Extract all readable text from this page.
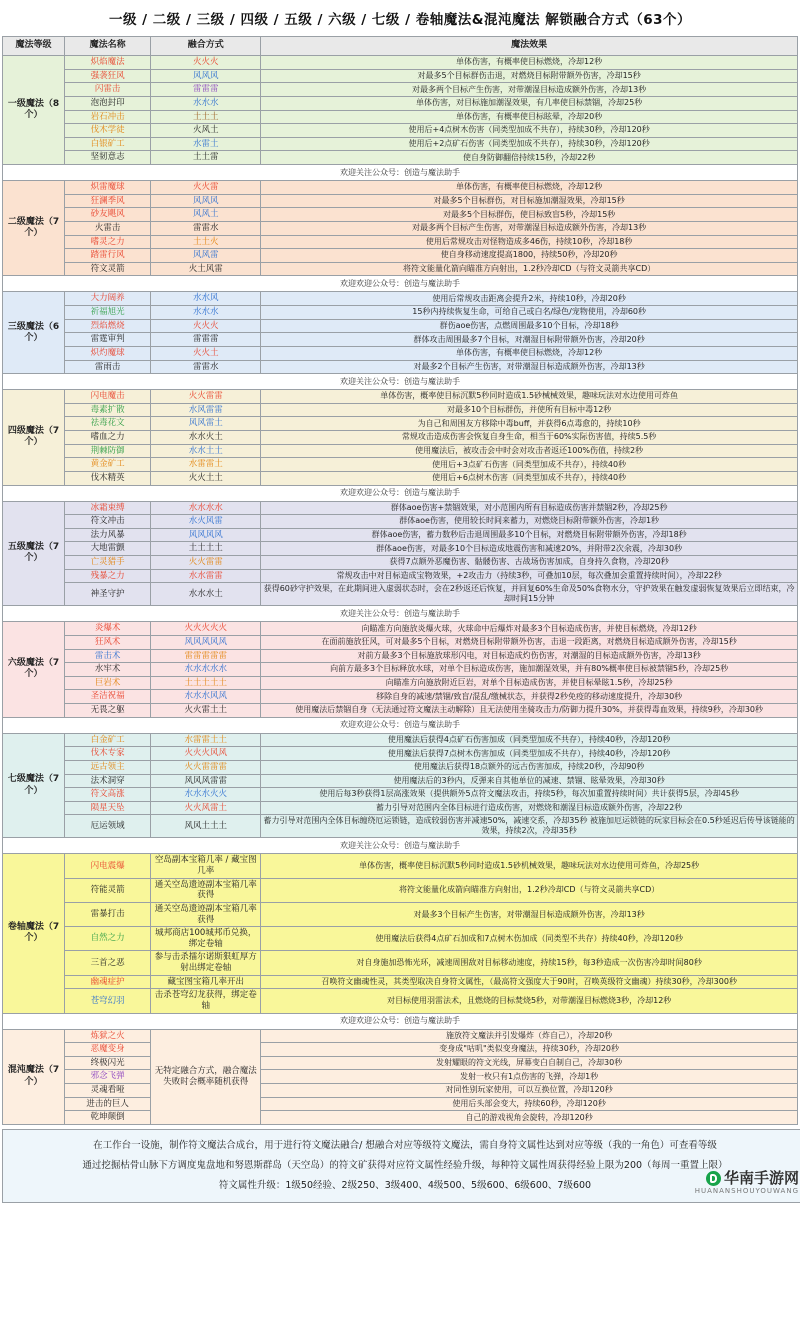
一级 / 二级 / 三级 / 四级 / 五级 / 六级 / 七级 / 卷轴魔法&混沌魔法 解锁融合方式（63个）
魔法等级	魔法名称	融合方式	魔法效果
一级魔法（8个）	炽焰魔法	火火火	单体伤害，有概率使目标燃烧，冷却12秒
	强袭狂风	风风风	对最多5个目标群伤击退，对燃烧目标附带额外伤害，冷却15秒
	闪雷击	雷雷雷	对最多两个目标产生伤害，对带潮湿目标造成额外伤害，冷却13秒
	泡泡封印	水水水	单体伤害，对目标施加潮湿效果，有几率使目标禁锢，冷却25秒
	岩石冲击	土土土	单体伤害，有概率使目标眩晕，冷却20秒
	伐木学徒	火风土	使用后+4点树木伤害（同类型加成不共存），持续30秒，冷却120秒
	白银矿工	水雷土	使用后+2点矿石伤害（同类型加成不共存），持续30秒，冷却120秒
	坚韧意志	土土雷	使自身防御翻倍持续15秒，冷却22秒
欢迎关注公众号：创造与魔法助手			
二级魔法（7个）	炽雷魔球	火火雷	单体伤害，有概率使目标燃烧，冷却12秒
	狂澜季风	风风风	对最多5个目标群伤，对目标施加潮湿效果，冷却15秒
	砂友飓风	风风土	对最多5个目标群伤，使目标致盲5秒，冷却15秒
	火雷击	雷雷水	对最多两个目标产生伤害，对带潮湿目标造成额外伤害，冷却13秒
	嗜灵之力	土土火	使用后常规攻击对怪物造成多46伤，持续10秒，冷却18秒
	踏雷行风	风风雷	使自身移动速度提高1800，持续50秒，冷却20秒
	符文灵箭	火土风雷	将符文能量化箭向瞄准方向射出，1.2秒冷却CD（与符文灵箭共享CD）
欢迎欢迎公众号：创造与魔法助手			
三级魔法（6个）	大力阔养	水水风	使用后常规攻击距离会提升2米，持续10秒，冷却20秒
	祈福旭光	水水水	15秒内持续恢复生命，可给自己或白名/绿色/宠物使用，冷却60秒
	烈焰燃烧	火火火	群伤aoe伤害，点燃周围最多10个目标，冷却18秒
	雷霆审判	雷雷雷	群体攻击周围最多7个目标，对潮湿目标附带额外伤害，冷却20秒
	炽灼魔球	火火土	单体伤害，有概率使目标燃烧，冷却12秒
	雷雨击	雷雷水	对最多2个目标产生伤害，对带潮湿目标造成额外伤害，冷却13秒
欢迎关注公众号：创造与魔法助手			
四级魔法（7个）	闪电魔击	火火雷雷	单体伤害，概率使目标沉默5秒同时造成1.5砂械械效果，趣味玩法对水边使用可炸鱼
	毒素扩散	水风雷雷	对最多10个目标群伤，并使所有目标中毒12秒
	祛毒花文	风风雷土	为自己和周围友方移除中毒buff，并获得6点毒愈的，持续10秒
	嗜血之力	水水火土	常规攻击造成伤害会恢复自身生命，相当于60%实际伤害值，持续5.5秒
	荆棘防御	水水土土	使用魔法后，被攻击会中时会对攻击者返还100%伤值，持续2秒
	黄金矿工	水雷雷土	使用后+3点矿石伤害（同类型加成不共存），持续40秒
	伐木精英	火火土土	使用后+6点树木伤害（同类型加成不共存），持续40秒
欢迎欢迎公众号：创造与魔法助手			
五级魔法（7个）	冰霜束缚	水水水水	群体aoe伤害+禁锢效果，对小范围内所有目标造成伤害并禁锢2秒，冷却25秒
	符文冲击	水火风雷	群体aoe伤害，使用较长时间来蓄力，对燃烧目标附带额外伤害，冷却1秒
	法力风暴	风风风风	群体aoe伤害，蓄力数秒后击退周围最多10个目标，对燃烧目标附带额外伤害，冷却18秒
	大地雷颤	土土土土	群体aoe伤害，对最多10个目标造成地震伤害和减速20%，并附带2次余震，冷却30秒
	亡灵猎手	火火雷雷	获得7点额外恶魔伤害、骷髅伤害、古战场伤害加成，自身持久食物，冷却20秒
	残暴之力	水水雷雷	常规攻击中对目标造成宝物效果，+2攻击力（持续3秒，可叠加10层，每次叠加会重置持续时间），冷却22秒
	神圣守护	水水水土	获得60砂守护效果，在此期间进入虚弱状态时，会在2秒返还后恢复，并回复60%生命及50%食物水分，守护效果在触发虚弱恢复效果后立即结束，冷却时间15分钟
欢迎关注公众号：创造与魔法助手			
六级魔法（7个）	炎爆术	火火火火火	向瞄准方向施放炎爆火球，火球命中后爆炸对最多3个目标造成伤害，并使目标燃烧，冷却12秒
	狂风术	风风风风风	在面前施放狂风，可对最多5个目标，对燃烧目标附带额外伤害，击退一段距离，对燃烧目标造成额外伤害，冷却15秒
	雷击术	雷雷雷雷雷	对前方最多3个目标施放球形闪电，对目标造成灼伤伤害，对潮湿的目标造成额外伤害，冷却13秒
	水牢术	水水水水水	向前方最多3个目标释放水球，对单个目标造成伤害，施加潮湿效果，并有80%概率使目标被禁锢5秒，冷却25秒
	巨岩术	土土土土土	向瞄准方向施放附近巨岩，对单个目标造成伤害，并使目标晕眩1.5秒，冷却25秒
	圣洁祝福	水水水风风	移除自身的减速/禁锢/致盲/混乱/缴械状态，并获得2秒免疫的移动速度提升，冷却30秒
	无畏之躯	火火雷土土	使用魔法后禁锢自身（无法通过符文魔法主动解除）且无法使用坐骑攻击力/防御力提升30%，并获得毒血效果，持续9秒，冷却30秒
欢迎欢迎公众号：创造与魔法助手			
七级魔法（7个）	白金矿工	水雷雷土土	使用魔法后获得4点矿石伤害加成（同类型加成不共存），持续40秒，冷却120秒
	伐木专家	火火火风风	使用魔法后获得7点树木伤害加成（同类型加成不共存），持续40秒，冷却120秒
	远古领主	火火雷雷雷	使用魔法后获得18点额外的远古伤害加成，持续20秒，冷却90秒
	法术洞穿	风风风雷雷	使用魔法后的3秒内，反弹来自其他单位的减速、禁锢、眩晕效果，冷却30秒
	符文高涨	水水水火火	使用后每3秒获得1层高涨效果（提供额外5点符文魔法攻击，持续5秒，每次加重置持续时间）共计获得5层，冷却45秒
	陨星天坠	火火风雷土	蓄力引导对范围内全体目标进行造成伤害，对燃烧和潮湿目标造成额外伤害，冷却22秒
	厄运领域	风风土土土	蓄力引导对范围内全体目标缠绕厄运锁链，造成较弱伤害并减速50%，减速交系，冷却35秒 被施加厄运锁链的玩家目标会在0.5秒延迟后传导该链能的效果，持续2次，冷却35秒
欢迎关注公众号：创造与魔法助手			
卷轴魔法（7个）	闪电震爆	空岛副本宝箱几率 / 藏宝图几率	单体伤害，概率使目标沉默5秒同时造成1.5砂机械效果，趣味玩法对水边使用可炸鱼，冷却25秒
	符能灵箭	通关空岛遗迹副本宝箱几率获得	将符文能量化成箭向瞄准方向射出，1.2秒冷却CD（与符文灵箭共享CD）
	雷暴打击	通关空岛遗迹副本宝箱几率获得	对最多3个目标产生伤害，对带潮湿目标造成额外伤害，冷却13秒
	自然之力	城邦商店100城邦币兑换，绑定卷轴	使用魔法后获得4点矿石加成和7点树木伤加成（同类型不共存）持续40秒，冷却120秒
	三首之恶	参与击杀擂尔诺斯狠虹厚方射出绑定卷轴	对自身施加恐怖光环，减速周围敌对目标移动速度，持续15秒，每3秒造成一次伤害冷却时间80秒
	幽魂症护	藏宝图宝箱几率开出	召唤符文幽魂性灵，其类型取决自身符文属性，（最高符文强度大于90时，召唤英级符文幽魂）持续30秒，冷却300秒
	苍穹幻羽	击杀苍穹幻龙获得，绑定卷轴	对目标使用羽雷法术，且燃烧的目标焚烧5秒，对带潮湿目标燃烧3秒，冷却12秒
欢迎欢迎公众号：创造与魔法助手			
混沌魔法（7个）	炼狱之火	无特定融合方式，融合魔法失败时会概率随机获得	施放符文魔法并引发爆炸（炸自己），冷却20秒
	恶魔变身		变身成"咕叽"类似变身魔法，持续30秒，冷却20秒
	终极闪光		发射耀眼的符文光线，屏幕变白自制自己，冷却30秒
	邪念飞弹		发射一枚只有1点伤害的飞弹，冷却1秒
	灵魂看哑		对同性别玩家使用，可以互换位置，冷却120秒
	进击的巨人		使用后头部会变大，持续60秒，冷却120秒
	乾坤颠倒		自己的游戏视角会旋转，冷却120秒
在工作台一设施，制作符文魔法合成台，用于进行符文魔法融合/ 想融合对应等级符文魔法，需自身符文属性达到对应等级（我的一角色）可查看等级
通过挖掘枯骨山脉下方调度鬼盘地和努恩斯群岛（天空岛）的符文矿获得对应符文属性经验升级，每种符文属性周获得经验上限为200（每周一重置上限）
符文属性升级：1级50经验、2级250、3级400、4级500、5级600、6级600、7级600	华南手游网
HUANANSHOUYOUWANG
